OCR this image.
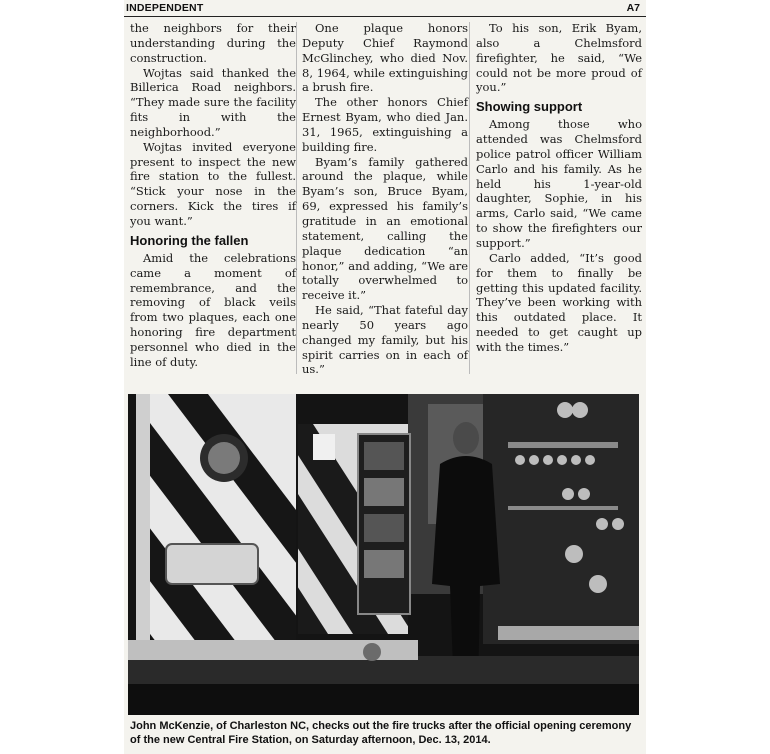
INDEPENDENT	A7

the neighbors for their understanding during the construction.

Wojtas said thanked the Billerica Road neighbors. “They made sure the facility fits in with the neighborhood.”

Wojtas invited everyone present to inspect the new fire station to the fullest. “Stick your nose in the corners. Kick the tires if you want.”

Honoring the fallen

Amid the celebrations came a moment of remembrance, and the removing of black veils from two plaques, each one honoring fire department personnel who died in the line of duty.

One plaque honors Deputy Chief Raymond McGlinchey, who died Nov. 8, 1964, while extinguishing a brush fire.

The other honors Chief Ernest Byam, who died Jan. 31, 1965, extinguishing a building fire.

Byam’s family gathered around the plaque, while Byam’s son, Bruce Byam, 69, expressed his family’s gratitude in an emotional statement, calling the plaque dedication “an honor,” and adding, “We are totally overwhelmed to receive it.”

He said, “That fateful day nearly 50 years ago changed my family, but his spirit carries on in each of us.”

To his son, Erik Byam, also a Chelmsford firefighter, he said, “We could not be more proud of you.”

Showing support

Among those who attended was Chelmsford police patrol officer William Carlo and his family. As he held his 1-year-old daughter, Sophie, in his arms, Carlo said, “We came to show the firefighters our support.”

Carlo added, “It’s good for them to finally be getting this updated facility. They’ve been working with this outdated place. It needed to get caught up with the times.”

John McKenzie, of Charleston NC, checks out the fire trucks after the official opening ceremony of the new Central Fire Station, on Saturday afternoon, Dec. 13, 2014.
